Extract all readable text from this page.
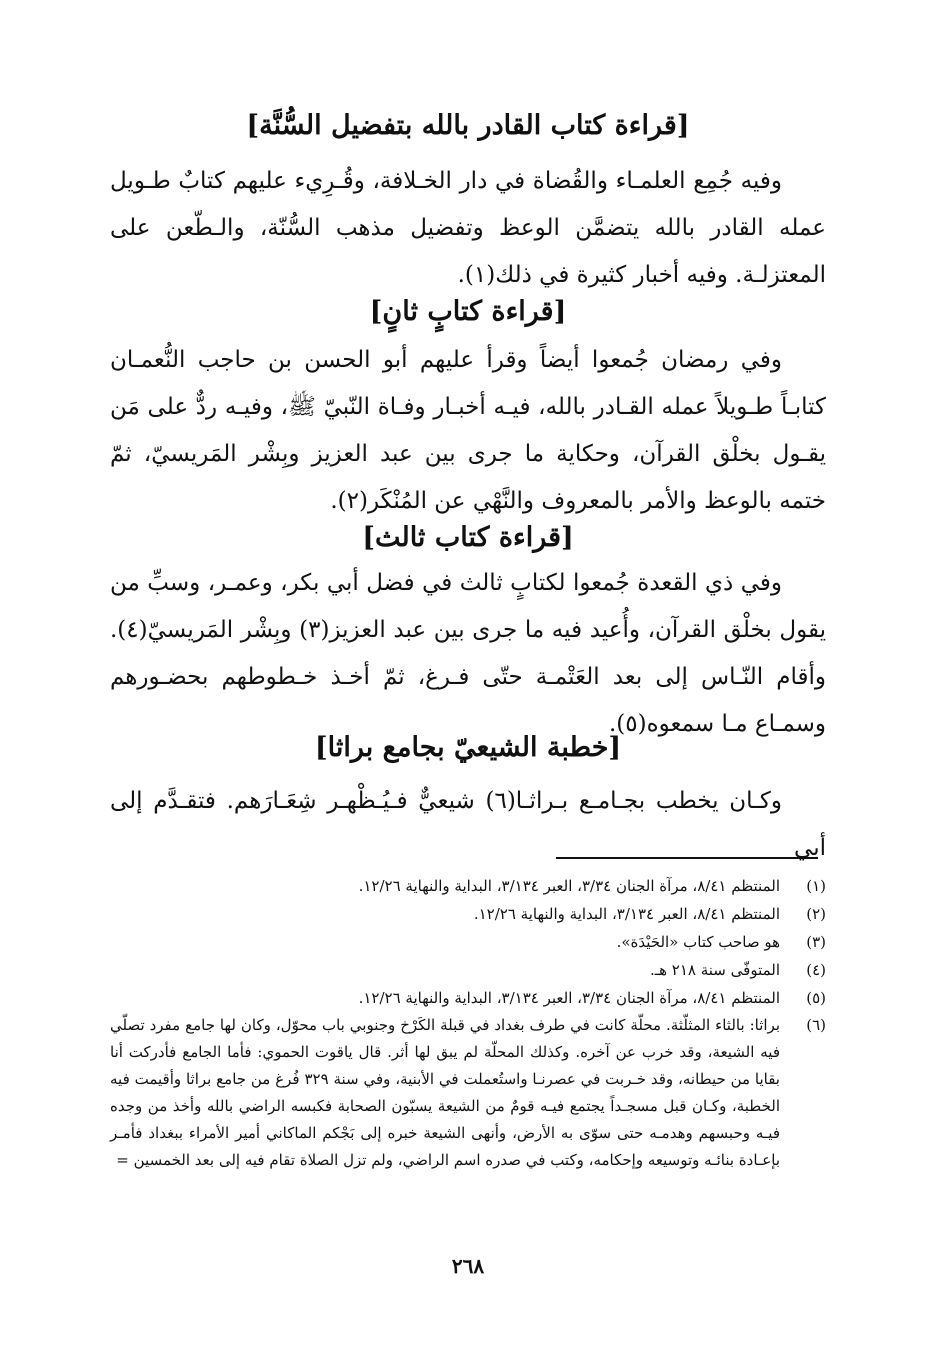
[قراءة كتاب القادر بالله بتفضيل السُّنَّة]
وفيه جُمِع العلمـاء والقُضاة في دار الخـلافة، وقُـرِيء عليهم كتابٌ طـويل عمله القادر بالله يتضمَّن الوعظ وتفضيل مذهب السُّنّة، والـطّعن على المعتزلـة. وفيه أخبار كثيرة في ذلك(١).
[قراءة كتابٍ ثانٍ]
وفي رمضان جُمعوا أيضاً وقرأ عليهم أبو الحسن بن حاجب النُّعمـان كتابـاً طـويلاً عمله القـادر بالله، فيـه أخبـار وفـاة النّبيّ ﷺ، وفيـه ردٌّ على مَن يقـول بخلْق القرآن، وحكاية ما جرى بين عبد العزيز وبِشْر المَريسيّ، ثمّ ختمه بالوعظ والأمر بالمعروف والنَّهْي عن المُنْكَر(٢).
[قراءة كتاب ثالث]
وفي ذي القعدة جُمعوا لكتابٍ ثالث في فضل أبي بكر، وعمـر، وسبِّ من يقول بخلْق القرآن، وأُعيد فيه ما جرى بين عبد العزيز(٣) وبِشْر المَريسيّ(٤). وأقام النّـاس إلى بعد العَتْمـة حتّى فـرغ، ثمّ أخـذ خـطوطهم بحضـورهم وسمـاع مـا سمعوه(٥).
[خطبة الشيعيّ بجامع براثا]
وكـان يخطب بجـامـع بـراثـا(٦) شيعيٌّ فـيُـظْهـر شِعَـارَهم. فتقـدَّم إلى أبي
(١)
المنتظم ٨/٤١، مرآة الجنان ٣/٣٤، العبر ٣/١٣٤، البداية والنهاية ١٢/٢٦.
(٢)
المنتظم ٨/٤١، العبر ٣/١٣٤، البداية والنهاية ١٢/٢٦.
(٣)
هو صاحب كتاب «الحَيْدَة».
(٤)
المتوفّى سنة ٢١٨ هـ.
(٥)
المنتظم ٨/٤١، مرآة الجنان ٣/٣٤، العبر ٣/١٣٤، البداية والنهاية ١٢/٢٦.
(٦)
براثا: بالثاء المثلّثة. محلّة كانت في طرف بغداد في قبلة الكَرْخ وجنوبي باب محوّل، وكان لها جامع مفرد تصلّي فيه الشيعة، وقد خرب عن آخره. وكذلك المحلّة لم يبق لها أثر. قال ياقوت الحموي: فأما الجامع فأدركت أنا بقايا من حيطانه، وقد خـربت في عصرنـا واستُعملت في الأبنية، وفي سنة ٣٢٩ فُرغ من جامع براثا وأقيمت فيه الخطبة، وكـان قبل مسجـداً يجتمع فيـه قومٌ من الشيعة يسبّون الصحابة فكبسه الراضي بالله وأخذ من وجده فيـه وحبسهم وهدمـه حتى سوّى به الأرض، وأنهى الشيعة خبره إلى بَجْكم الماكاني أمير الأمراء ببغداد فأمـر بإعـادة بنائـه وتوسيعه وإحكامه، وكتب في صدره اسم الراضي، ولم تزل الصلاة تقام فيه إلى بعد الخمسين =
٢٦٨
